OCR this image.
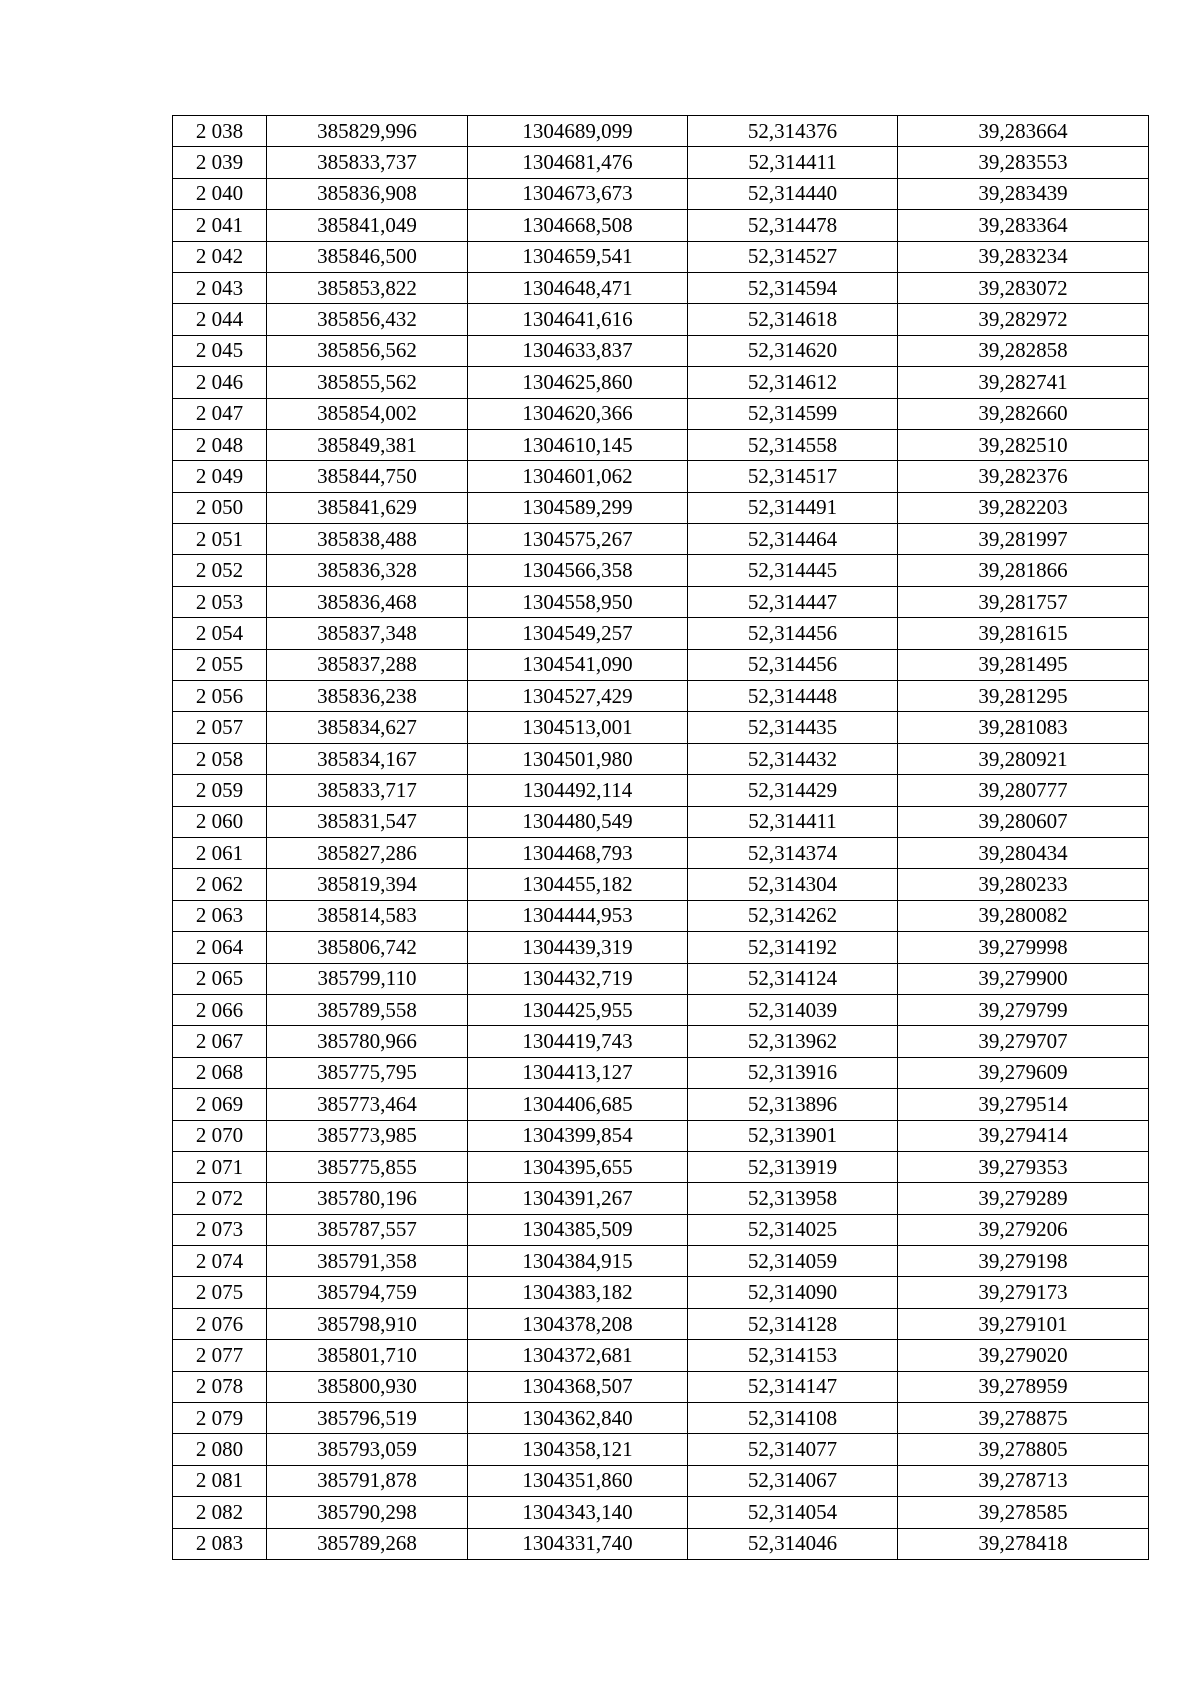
2 038	385829,996	1304689,099	52,314376	39,283664
2 039	385833,737	1304681,476	52,314411	39,283553
2 040	385836,908	1304673,673	52,314440	39,283439
2 041	385841,049	1304668,508	52,314478	39,283364
2 042	385846,500	1304659,541	52,314527	39,283234
2 043	385853,822	1304648,471	52,314594	39,283072
2 044	385856,432	1304641,616	52,314618	39,282972
2 045	385856,562	1304633,837	52,314620	39,282858
2 046	385855,562	1304625,860	52,314612	39,282741
2 047	385854,002	1304620,366	52,314599	39,282660
2 048	385849,381	1304610,145	52,314558	39,282510
2 049	385844,750	1304601,062	52,314517	39,282376
2 050	385841,629	1304589,299	52,314491	39,282203
2 051	385838,488	1304575,267	52,314464	39,281997
2 052	385836,328	1304566,358	52,314445	39,281866
2 053	385836,468	1304558,950	52,314447	39,281757
2 054	385837,348	1304549,257	52,314456	39,281615
2 055	385837,288	1304541,090	52,314456	39,281495
2 056	385836,238	1304527,429	52,314448	39,281295
2 057	385834,627	1304513,001	52,314435	39,281083
2 058	385834,167	1304501,980	52,314432	39,280921
2 059	385833,717	1304492,114	52,314429	39,280777
2 060	385831,547	1304480,549	52,314411	39,280607
2 061	385827,286	1304468,793	52,314374	39,280434
2 062	385819,394	1304455,182	52,314304	39,280233
2 063	385814,583	1304444,953	52,314262	39,280082
2 064	385806,742	1304439,319	52,314192	39,279998
2 065	385799,110	1304432,719	52,314124	39,279900
2 066	385789,558	1304425,955	52,314039	39,279799
2 067	385780,966	1304419,743	52,313962	39,279707
2 068	385775,795	1304413,127	52,313916	39,279609
2 069	385773,464	1304406,685	52,313896	39,279514
2 070	385773,985	1304399,854	52,313901	39,279414
2 071	385775,855	1304395,655	52,313919	39,279353
2 072	385780,196	1304391,267	52,313958	39,279289
2 073	385787,557	1304385,509	52,314025	39,279206
2 074	385791,358	1304384,915	52,314059	39,279198
2 075	385794,759	1304383,182	52,314090	39,279173
2 076	385798,910	1304378,208	52,314128	39,279101
2 077	385801,710	1304372,681	52,314153	39,279020
2 078	385800,930	1304368,507	52,314147	39,278959
2 079	385796,519	1304362,840	52,314108	39,278875
2 080	385793,059	1304358,121	52,314077	39,278805
2 081	385791,878	1304351,860	52,314067	39,278713
2 082	385790,298	1304343,140	52,314054	39,278585
2 083	385789,268	1304331,740	52,314046	39,278418
